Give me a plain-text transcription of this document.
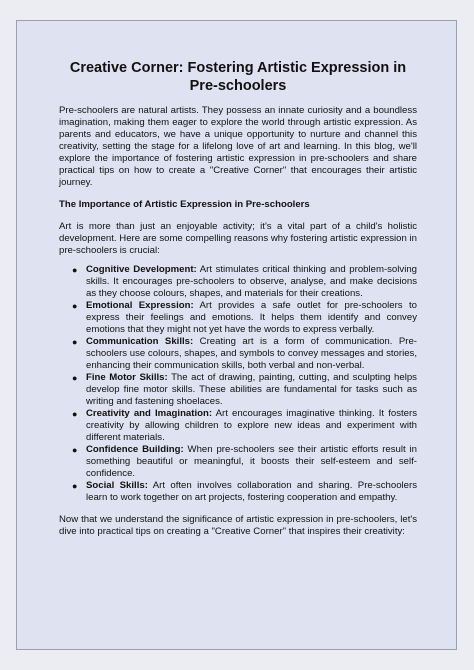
Creative Corner: Fostering Artistic Expression in Pre-schoolers

Pre-schoolers are natural artists. They possess an innate curiosity and a boundless imagination, making them eager to explore the world through artistic expression. As parents and educators, we have a unique opportunity to nurture and channel this creativity, setting the stage for a lifelong love of art and learning. In this blog, we'll explore the importance of fostering artistic expression in pre-schoolers and share practical tips on how to create a "Creative Corner" that encourages their artistic journey.

The Importance of Artistic Expression in Pre-schoolers

Art is more than just an enjoyable activity; it's a vital part of a child's holistic development. Here are some compelling reasons why fostering artistic expression in pre-schoolers is crucial:

● Cognitive Development: Art stimulates critical thinking and problem-solving skills. It encourages pre-schoolers to observe, analyse, and make decisions as they choose colours, shapes, and materials for their creations.
● Emotional Expression: Art provides a safe outlet for pre-schoolers to express their feelings and emotions. It helps them identify and convey emotions that they might not yet have the words to express verbally.
● Communication Skills: Creating art is a form of communication. Pre-schoolers use colours, shapes, and symbols to convey messages and stories, enhancing their communication skills, both verbal and non-verbal.
● Fine Motor Skills: The act of drawing, painting, cutting, and sculpting helps develop fine motor skills. These abilities are fundamental for tasks such as writing and fastening shoelaces.
● Creativity and Imagination: Art encourages imaginative thinking. It fosters creativity by allowing children to explore new ideas and experiment with different materials.
● Confidence Building: When pre-schoolers see their artistic efforts result in something beautiful or meaningful, it boosts their self-esteem and self-confidence.
● Social Skills: Art often involves collaboration and sharing. Pre-schoolers learn to work together on art projects, fostering cooperation and empathy.

Now that we understand the significance of artistic expression in pre-schoolers, let's dive into practical tips on creating a "Creative Corner" that inspires their creativity:
